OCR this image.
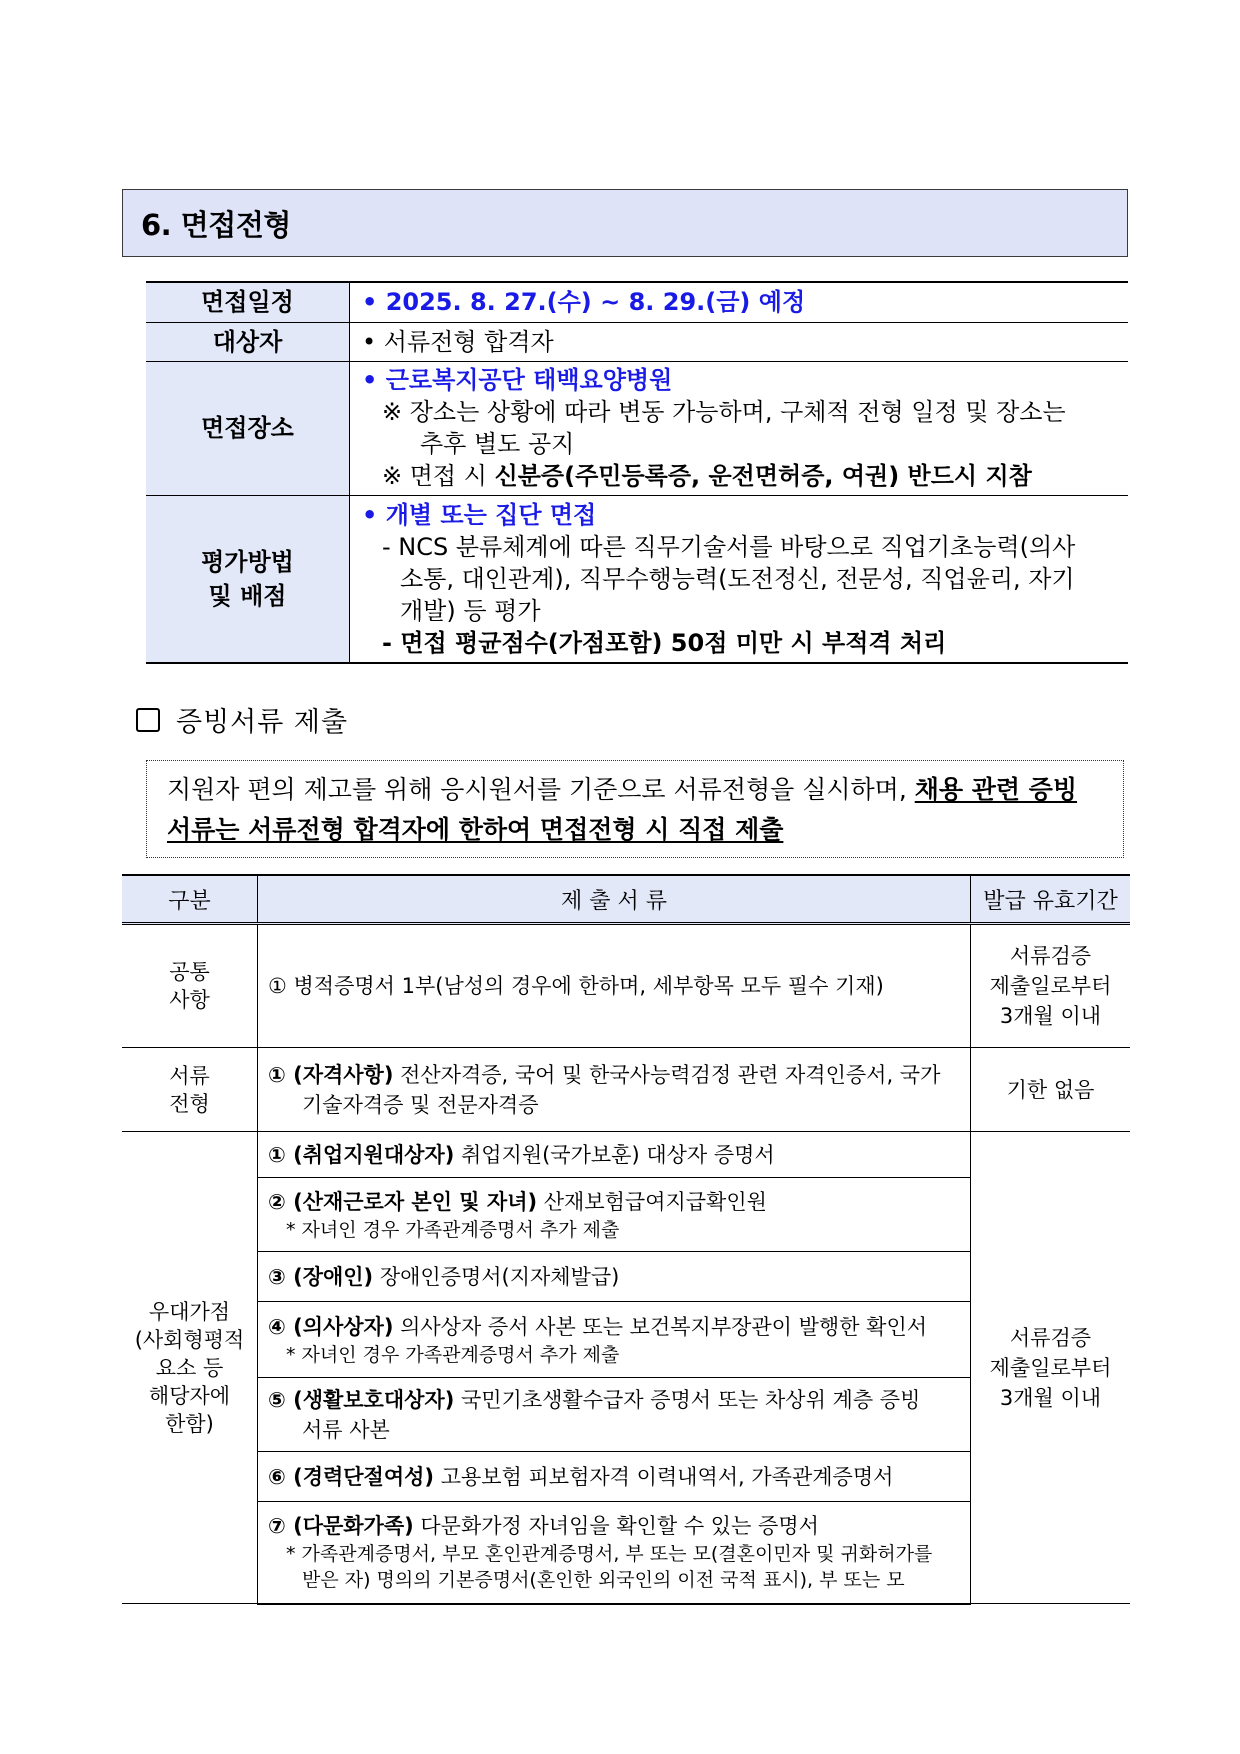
6. 면접전형
면접일정	• 2025. 8. 27.(수) ~ 8. 29.(금) 예정
대상자	• 서류전형 합격자
면접장소	• 근로복지공단 태백요양병원
※ 장소는 상황에 따라 변동 가능하며, 구체적 전형 일정 및 장소는
추후 별도 공지
※ 면접 시 신분증(주민등록증, 운전면허증, 여권) 반드시 지참

평가방법
및 배점	• 개별 또는 집단 면접
- NCS 분류체계에 따른 직무기술서를 바탕으로 직업기초능력(의사
소통, 대인관계), 직무수행능력(도전정신, 전문성, 직업윤리, 자기
개발) 등 평가
- 면접 평균점수(가점포함) 50점 미만 시 부적격 처리
증빙서류 제출
지원자 편의 제고를 위해 응시원서를 기준으로 서류전형을 실시하며, 채용 관련 증빙
서류는 서류전형 합격자에 한하여 면접전형 시 직접 제출
구분	제 출 서 류	발급 유효기간

공통
사항	① 병적증명서 1부(남성의 경우에 한하며, 세부항목 모두 필수 기재)	서류검증
제출일로부터
3개월 이내

서류
전형	① (자격사항) 전산자격증, 국어 및 한국사능력검정 관련 자격인증서, 국가
기술자격증 및 전문자격증	기한 없음

우대가점
(사회형평적
요소 등
해당자에
한함)	① (취업지원대상자) 취업지원(국가보훈) 대상자 증명서	서류검증
제출일로부터
3개월 이내

	② (산재근로자 본인 및 자녀) 산재보험급여지급확인원
* 자녀인 경우 가족관계증명서 추가 제출	

	③ (장애인) 장애인증명서(지자체발급)	

	④ (의사상자) 의사상자 증서 사본 또는 보건복지부장관이 발행한 확인서
* 자녀인 경우 가족관계증명서 추가 제출	

	⑤ (생활보호대상자) 국민기초생활수급자 증명서 또는 차상위 계층 증빙
서류 사본	

	⑥ (경력단절여성) 고용보험 피보험자격 이력내역서, 가족관계증명서	

	⑦ (다문화가족) 다문화가정 자녀임을 확인할 수 있는 증명서
* 가족관계증명서, 부모 혼인관계증명서, 부 또는 모(결혼이민자 및 귀화허가를
받은 자) 명의의 기본증명서(혼인한 외국인의 이전 국적 표시), 부 또는 모	
